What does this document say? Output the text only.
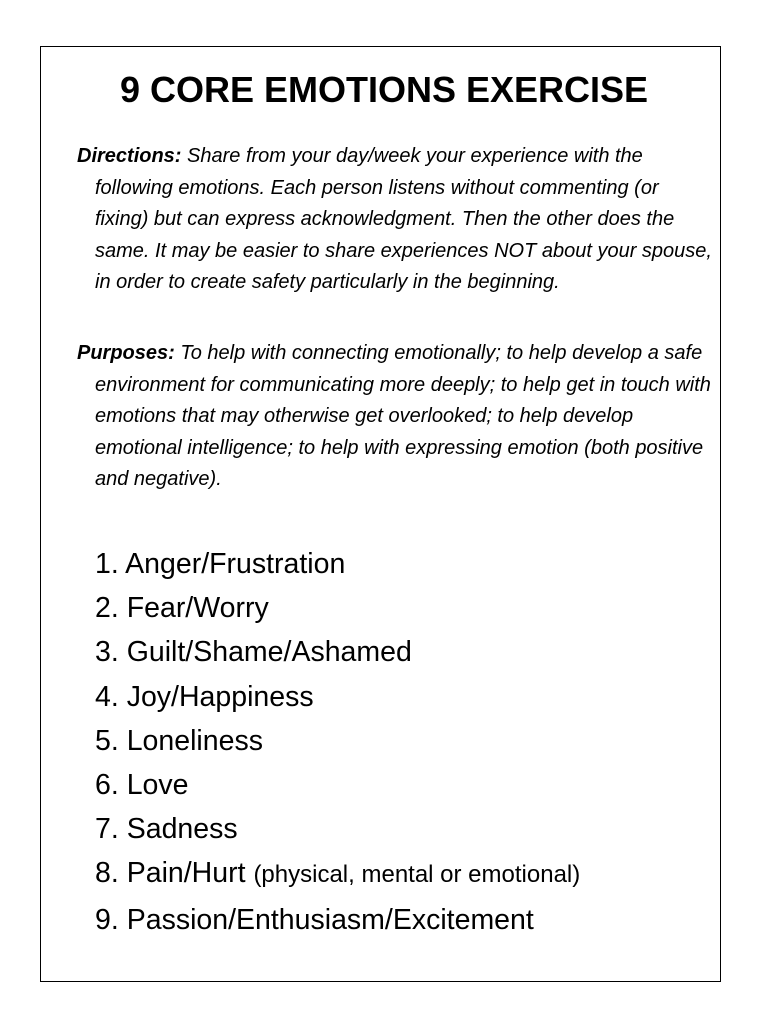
9 CORE EMOTIONS EXERCISE

Directions: Share from your day/week your experience with the following emotions. Each person listens without commenting (or fixing) but can express acknowledgment. Then the other does the same. It may be easier to share experiences NOT about your spouse, in order to create safety particularly in the beginning.

Purposes: To help with connecting emotionally; to help develop a safe environment for communicating more deeply; to help get in touch with emotions that may otherwise get overlooked; to help develop emotional intelligence; to help with expressing emotion (both positive and negative).

1. Anger/Frustration
2. Fear/Worry
3. Guilt/Shame/Ashamed
4. Joy/Happiness
5. Loneliness
6. Love
7. Sadness
8. Pain/Hurt (physical, mental or emotional)
9. Passion/Enthusiasm/Excitement
